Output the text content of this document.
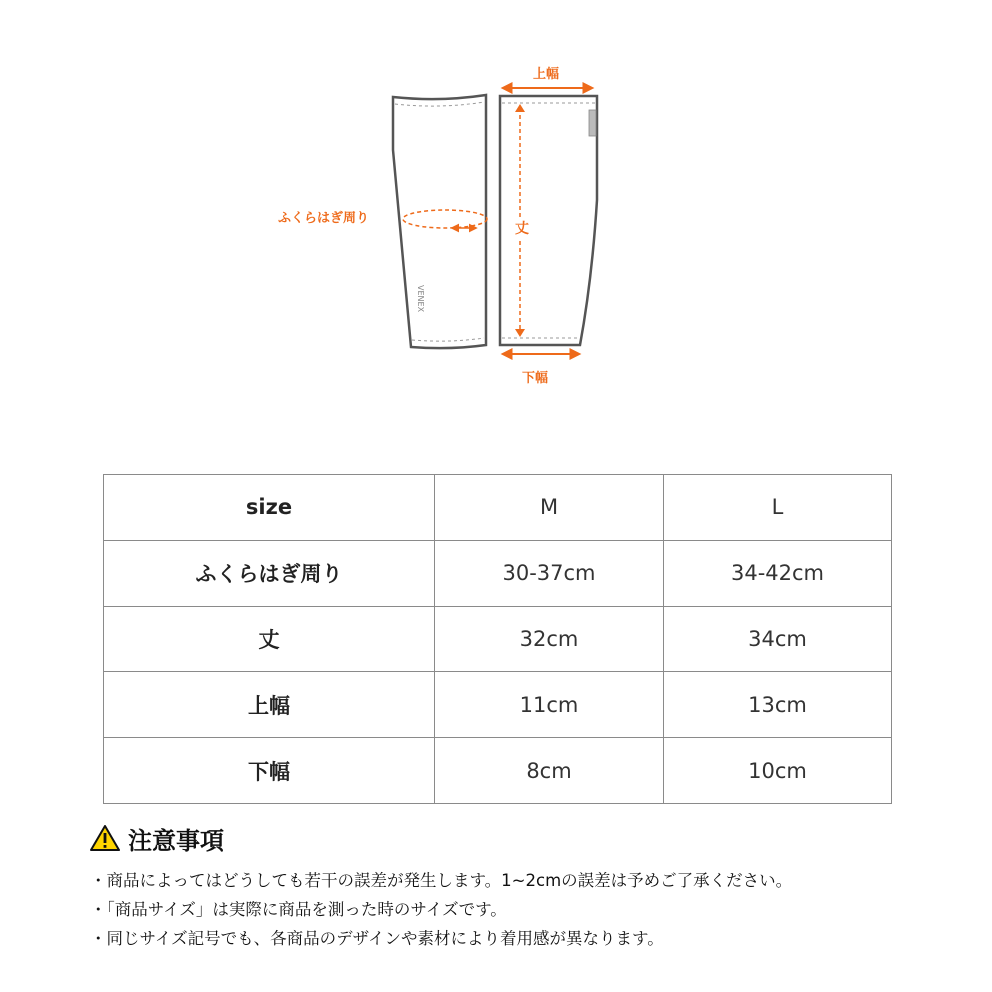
VENEX
上幅
丈
ふくらはぎ周り
下幅
size	M	L
ふくらはぎ周り	30-37cm	34-42cm
丈	32cm	34cm
上幅	11cm	13cm
下幅	8cm	10cm
注意事項
・商品によってはどうしても若干の誤差が発生します。1~2cmの誤差は予めご了承ください。
・「商品サイズ」は実際に商品を測った時のサイズです。
・同じサイズ記号でも、各商品のデザインや素材により着用感が異なります。
